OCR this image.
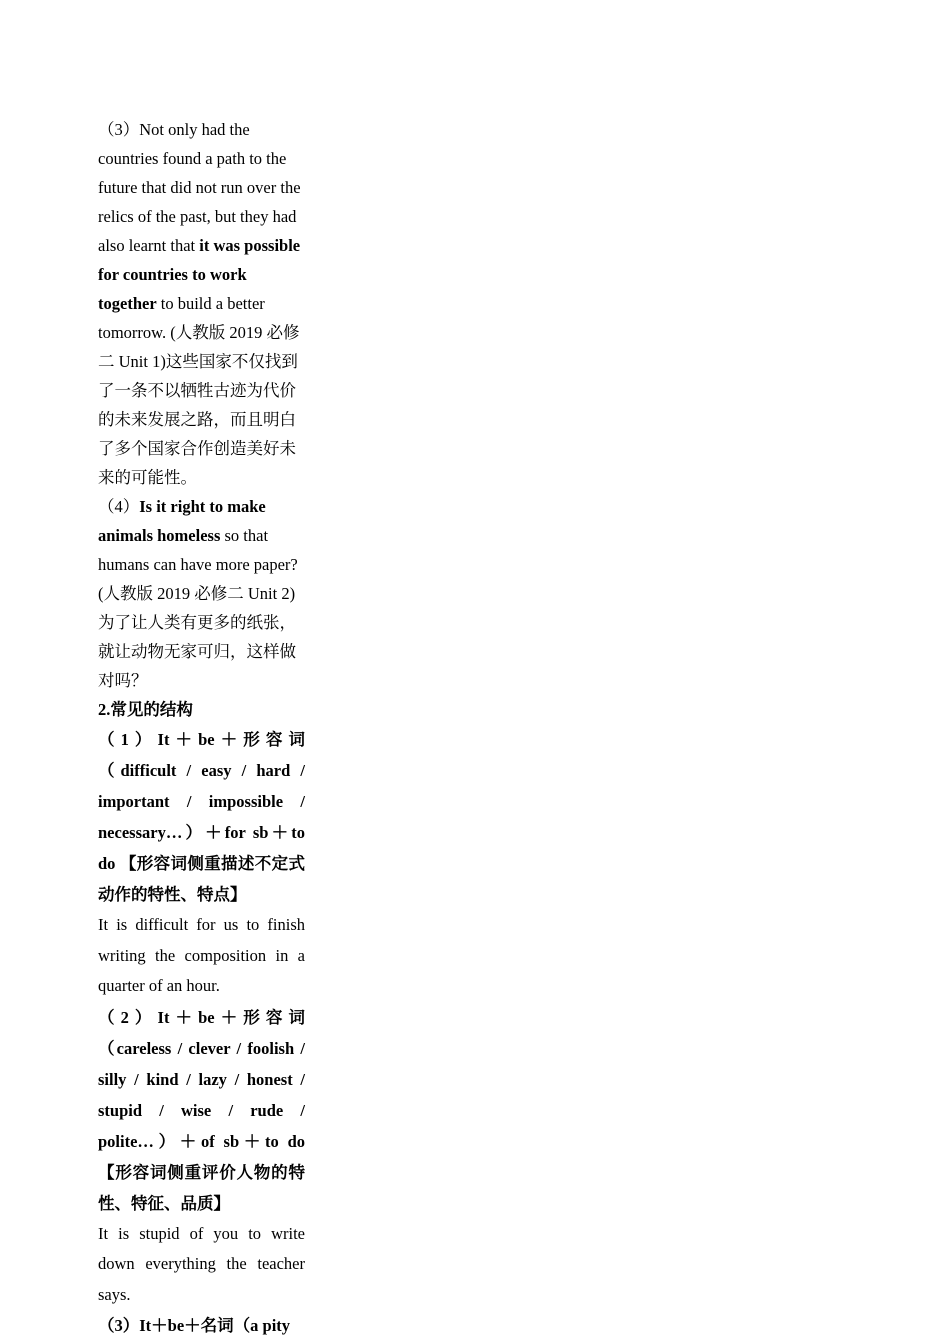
（3）Not only had the countries found a path to the future that did not run over the relics of the past, but they had also learnt that it was possible for countries to work together to build a better tomorrow. (人教版 2019 必修二 Unit 1)这些国家不仅找到了一条不以牺牲古迹为代价的未来发展之路，而且明白了多个国家合作创造美好未来的可能性。

（4）Is it right to make animals homeless so that humans can have more paper? (人教版 2019 必修二 Unit 2)为了让人类有更多的纸张，就让动物无家可归，这样做对吗？

2.常见的结构

（1）It＋be＋形容词（difficult / easy / hard / important / impossible / necessary…）＋for sb＋to do 【形容词侧重描述不定式动作的特性、特点】

It is difficult for us to finish writing the composition in a quarter of an hour.

（2）It＋be＋形容词（careless / clever / foolish / silly / kind / lazy / honest / stupid / wise / rude / polite…）＋of sb＋to do 【形容词侧重评价人物的特性、特征、品质】

It is stupid of you to write down everything the teacher says.

（3）It＋be＋名词（a pity
